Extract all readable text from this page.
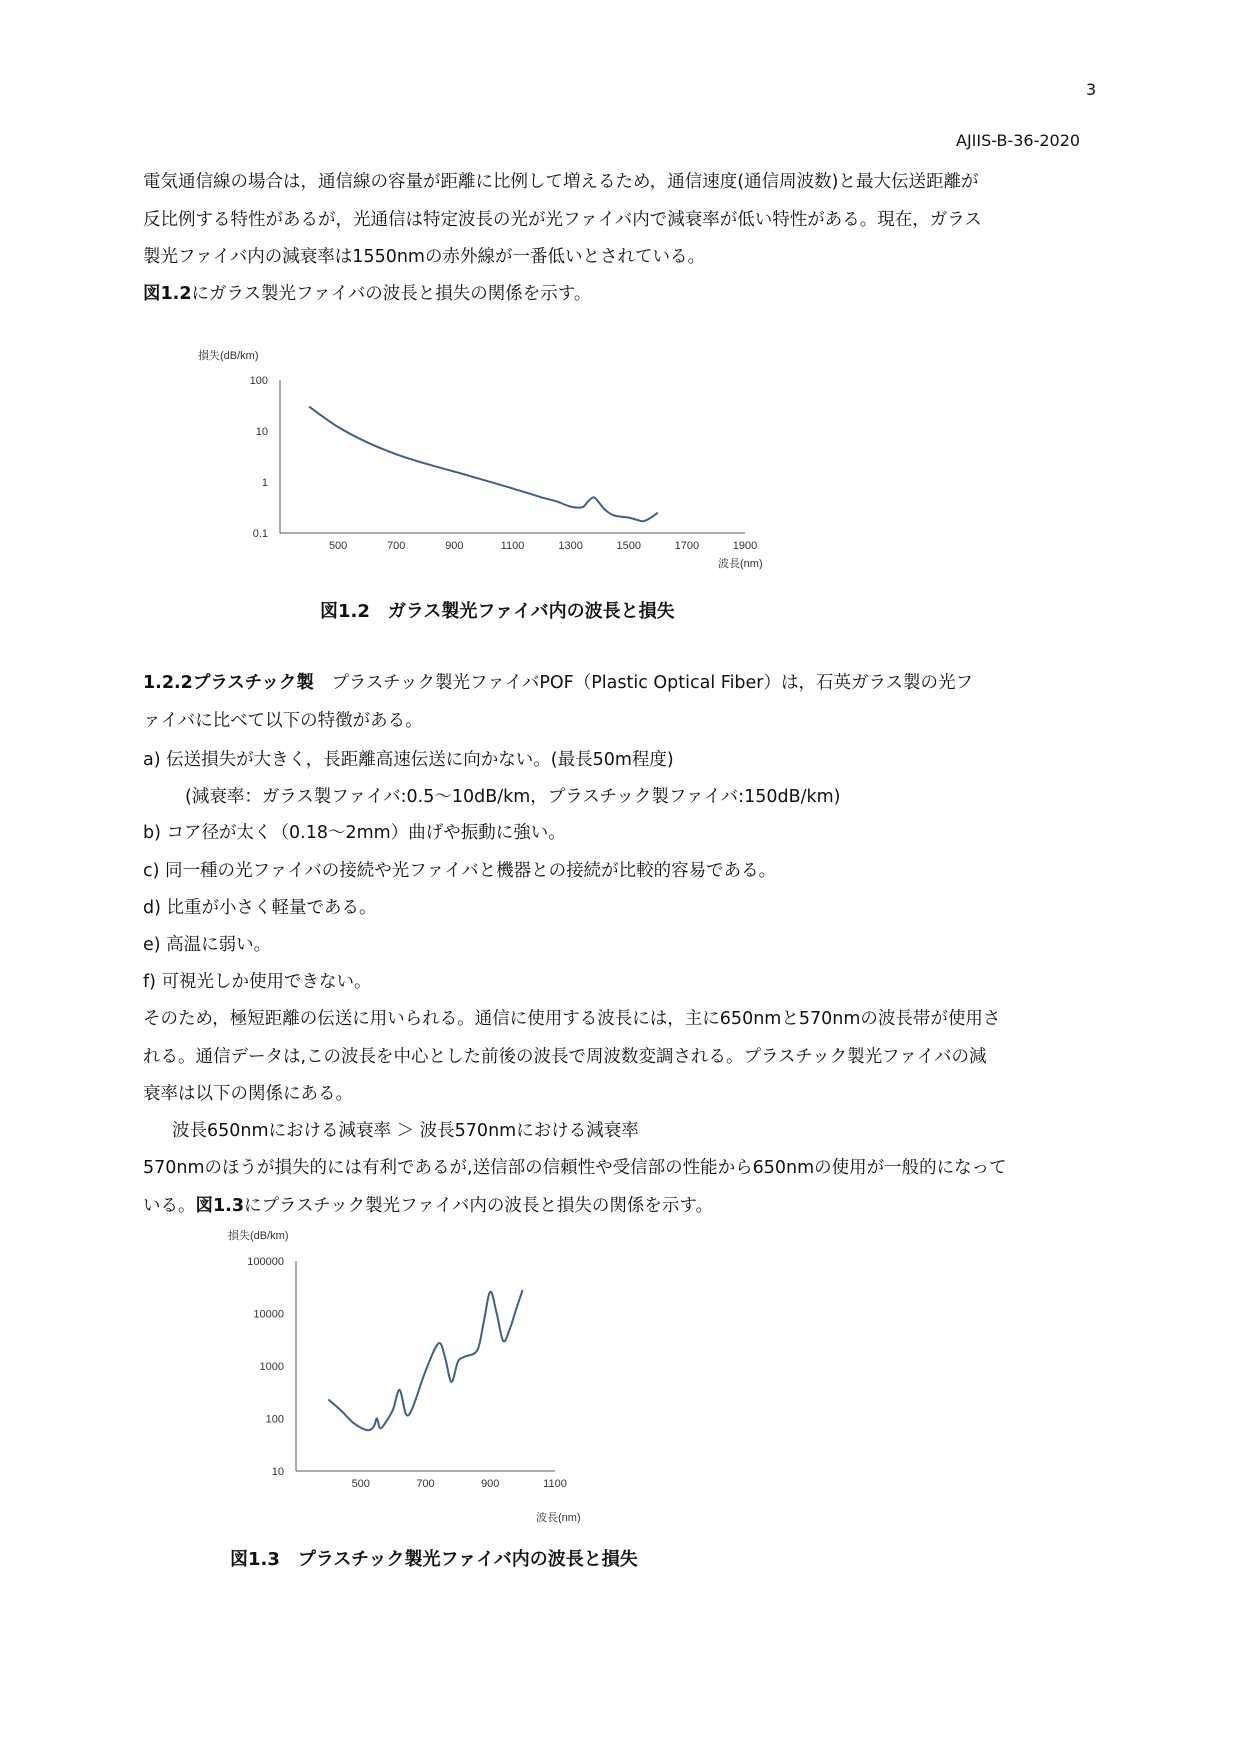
3
AJIIS-B-36-2020
電気通信線の場合は，通信線の容量が距離に比例して増えるため，通信速度(通信周波数)と最大伝送距離が
反比例する特性があるが，光通信は特定波長の光が光ファイバ内で減衰率が低い特性がある。現在，ガラス
製光ファイバ内の減衰率は1550nmの赤外線が一番低いとされている。
図1.2にガラス製光ファイバの波長と損失の関係を示す。
損失(dB/km)
波長(nm)
100
10
1
0.1
500	700	900	1100	1300	1500	1700	1900
図1.2　ガラス製光ファイバ内の波長と損失
1.2.2プラスチック製　 プラスチック製光ファイバPOF（Plastic Optical Fiber）は，石英ガラス製の光フ
ァイバに比べて以下の特徴がある。
a) 伝送損失が大きく，長距離高速伝送に向かない。(最長50m程度)
(減衰率：ガラス製ファイバ:0.5～10dB/km，プラスチック製ファイバ:150dB/km)
b) コア径が太く（0.18～2mm）曲げや振動に強い。
c) 同一種の光ファイバの接続や光ファイバと機器との接続が比較的容易である。
d) 比重が小さく軽量である。
e) 高温に弱い。
f) 可視光しか使用できない。
そのため，極短距離の伝送に用いられる。通信に使用する波長には，主に650nmと570nmの波長帯が使用さ
れる。通信データは,この波長を中心とした前後の波長で周波数変調される。プラスチック製光ファイバの減
衰率は以下の関係にある。
波長650nmにおける減衰率 ＞ 波長570nmにおける減衰率
570nmのほうが損失的には有利であるが,送信部の信頼性や受信部の性能から650nmの使用が一般的になって
いる。図1.3にプラスチック製光ファイバ内の波長と損失の関係を示す。
損失(dB/km)
波長(nm)
100000
10000
1000
100
10
500	700	900	1100
図1.3　プラスチック製光ファイバ内の波長と損失
